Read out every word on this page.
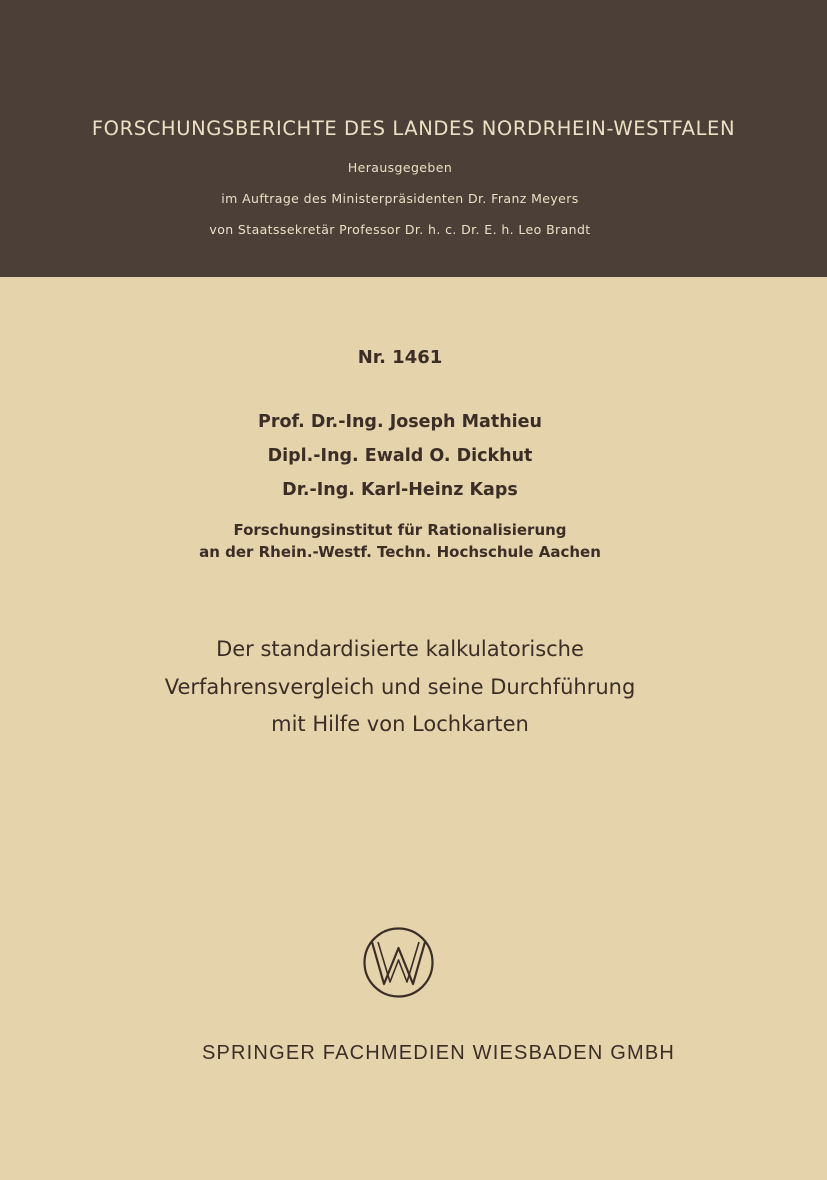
FORSCHUNGSBERICHTE DES LANDES NORDRHEIN-WESTFALEN
Herausgegeben
im Auftrage des Ministerpräsidenten Dr. Franz Meyers
von Staatssekretär Professor Dr. h. c. Dr. E. h. Leo Brandt
Nr. 1461
Prof. Dr.-Ing. Joseph Mathieu
Dipl.-Ing. Ewald O. Dickhut
Dr.-Ing. Karl-Heinz Kaps
Forschungsinstitut für Rationalisierung
an der Rhein.-Westf. Techn. Hochschule Aachen
Der standardisierte kalkulatorische
Verfahrensvergleich und seine Durchführung
mit Hilfe von Lochkarten
SPRINGER FACHMEDIEN WIESBADEN GMBH
